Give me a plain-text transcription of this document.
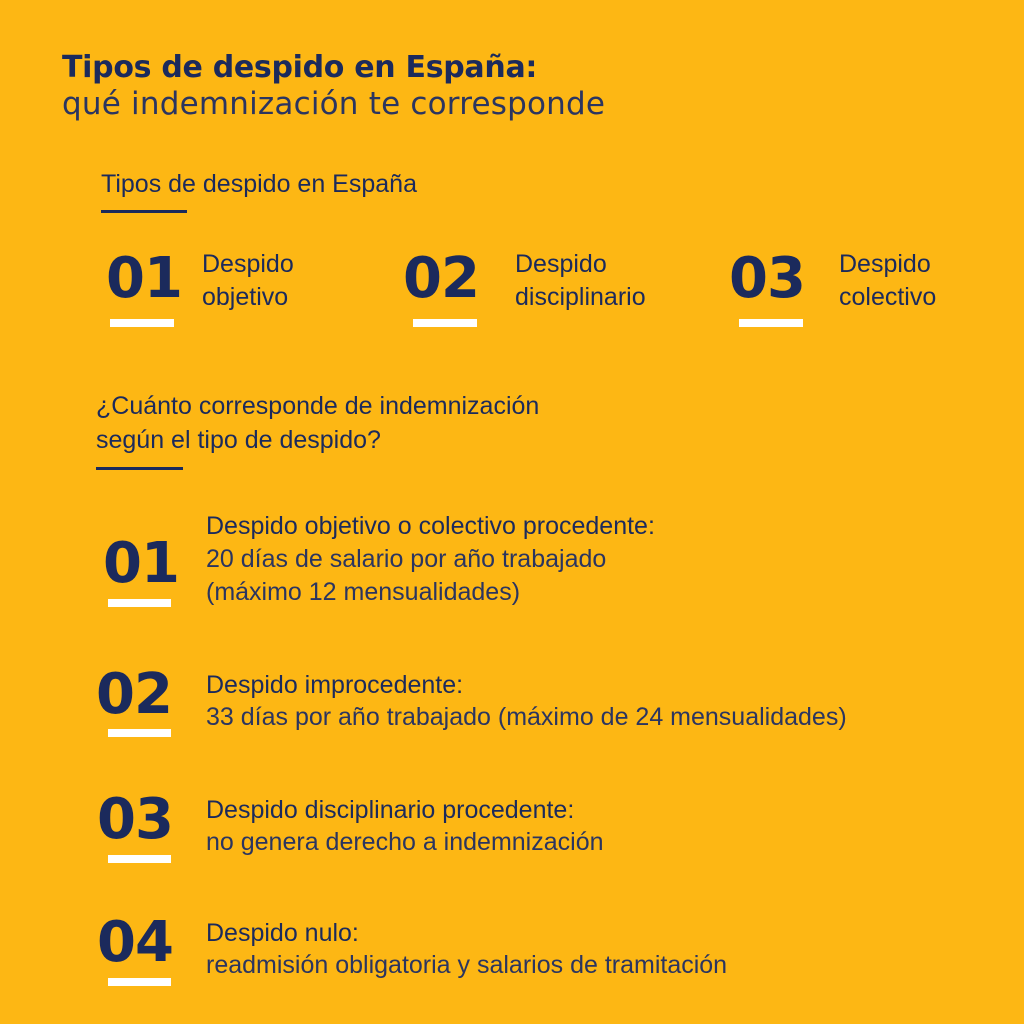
Tipos de despido en España:
qué indemnización te corresponde
Tipos de despido en España
01 Despido
objetivo 02 Despido
disciplinario 03 Despido
colectivo
¿Cuánto corresponde de indemnización
según el tipo de despido?
01
Despido objetivo o colectivo procedente:
20 días de salario por año trabajado
(máximo 12 mensualidades)
02 Despido improcedente:
33 días por año trabajado (máximo de 24 mensualidades)
03 Despido disciplinario procedente:
no genera derecho a indemnización
04 Despido nulo:
readmisión obligatoria y salarios de tramitación
